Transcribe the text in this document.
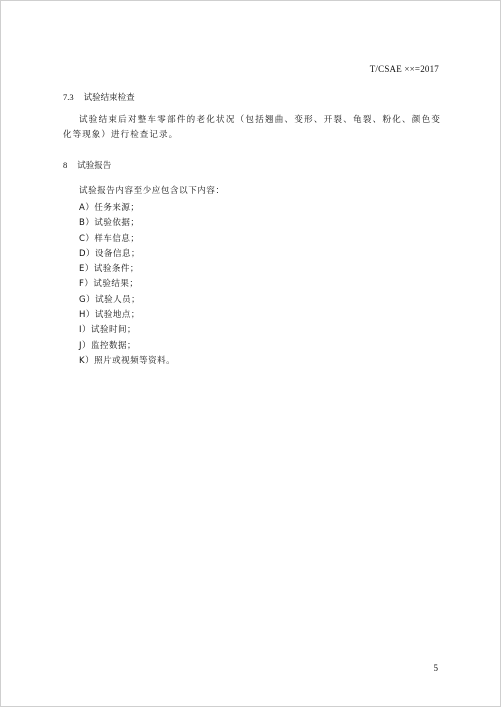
T/CSAE ××=2017
7.3 试验结束检查
试验结束后对整车零部件的老化状况（包括翘曲、变形、开裂、龟裂、粉化、颜色变化等现象）进行检查记录。
8 试验报告
试验报告内容至少应包含以下内容：
A）任务来源；
B）试验依据；
C）样车信息；
D）设备信息；
E）试验条件；
F）试验结果；
G）试验人员；
H）试验地点；
I）试验时间；
J）监控数据；
K）照片或视频等资料。
5
